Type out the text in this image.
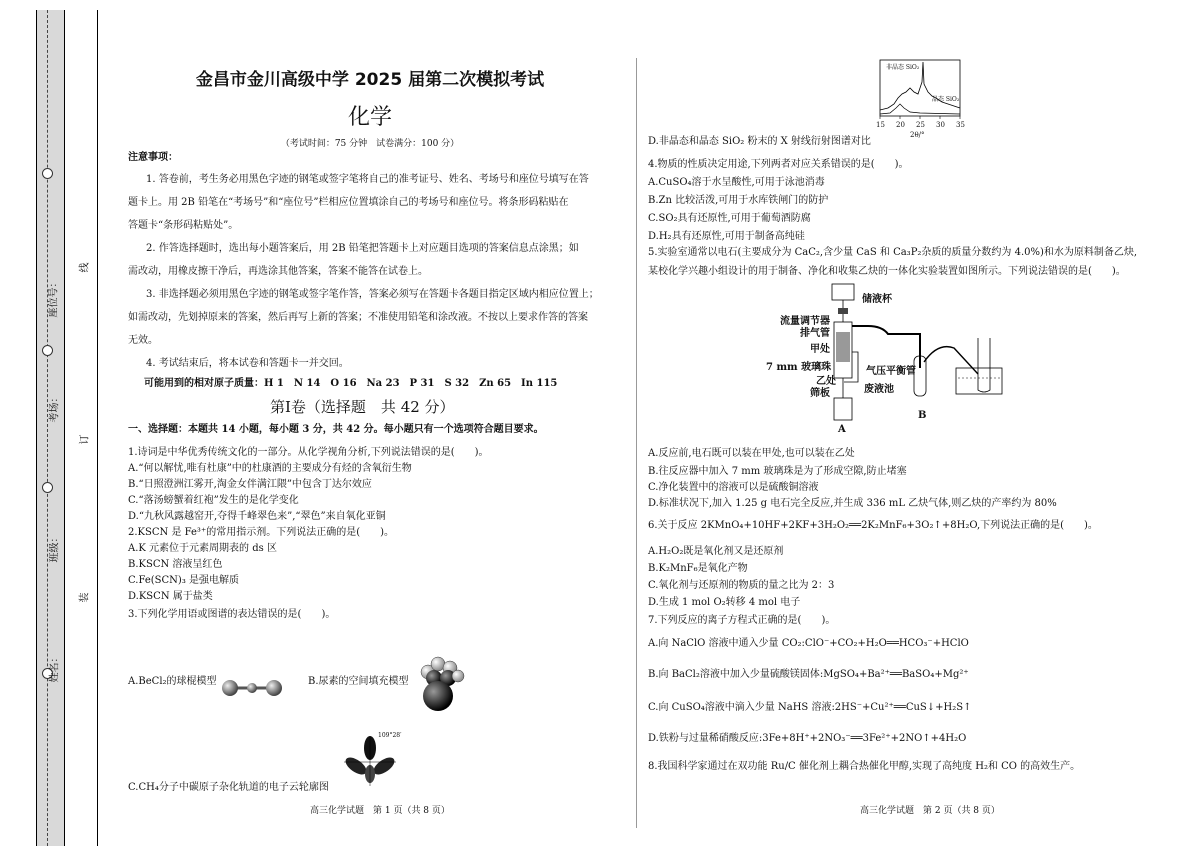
座位号：
考场：
班级：
姓名：
线
订
装
金昌市金川高级中学 2025 届第二次模拟考试
化学
（考试时间：75 分钟　试卷满分：100 分）
注意事项：
1. 答卷前，考生务必用黑色字迹的钢笔或签字笔将自己的准考证号、姓名、考场号和座位号填写在答
题卡上。用 2B 铅笔在“考场号”和“座位号”栏相应位置填涂自己的考场号和座位号。将条形码粘贴在
答题卡“条形码粘贴处”。
2. 作答选择题时，选出每小题答案后，用 2B 铅笔把答题卡上对应题目选项的答案信息点涂黑；如
需改动，用橡皮擦干净后，再选涂其他答案，答案不能答在试卷上。
3. 非选择题必须用黑色字迹的钢笔或签字笔作答，答案必须写在答题卡各题目指定区域内相应位置上；
如需改动，先划掉原来的答案，然后再写上新的答案；不准使用铅笔和涂改液。不按以上要求作答的答案
无效。
4. 考试结束后，将本试卷和答题卡一并交回。
可能用到的相对原子质量：H 1　N 14　O 16　Na 23　P 31　S 32　Zn 65　In 115
第Ⅰ卷（选择题　共 42 分）
一、选择题：本题共 14 小题，每小题 3 分，共 42 分。每小题只有一个选项符合题目要求。
1.诗词是中华优秀传统文化的一部分。从化学视角分析,下列说法错误的是(　　)。
A.“何以解忧,唯有杜康”中的杜康酒的主要成分有烃的含氧衍生物
B.“日照澄洲江雾开,淘金女伴满江隈”中包含丁达尔效应
C.“落汤螃蟹着红袍”发生的是化学变化
D.“九秋风露越窑开,夺得千峰翠色来”,“翠色”来自氧化亚铜
2.KSCN 是 Fe³⁺的常用指示剂。下列说法正确的是(　　)。
A.K 元素位于元素周期表的 ds 区
B.KSCN 溶液呈红色
C.Fe(SCN)₃ 是强电解质
D.KSCN 属于盐类
3.下列化学用语或图谱的表达错误的是(　　)。
A.BeCl₂的球棍模型	B.尿素的空间填充模型
109°28′
C.CH₄分子中碳原子杂化轨道的电子云轮廓图
高三化学试题　第 1 页（共 8 页）
非晶态 SiO₂
晶态 SiO₂
15 20 25 30 35
2θ/°
D.非晶态和晶态 SiO₂ 粉末的 X 射线衍射图谱对比
4.物质的性质决定用途,下列两者对应关系错误的是(　　)。
A.CuSO₄溶于水呈酸性,可用于泳池消毒
B.Zn 比较活泼,可用于水库铁闸门的防护
C.SO₂具有还原性,可用于葡萄酒防腐
D.H₂具有还原性,可用于制备高纯硅
5.实验室通常以电石(主要成分为 CaC₂,含少量 CaS 和 Ca₃P₂杂质的质量分数约为 4.0%)和水为原料制备乙炔,
某校化学兴趣小组设计的用于制备、净化和收集乙炔的一体化实验装置如图所示。下列说法错误的是(　　)。
储液杯
流量调节器
排气管
甲处
7 mm 玻璃珠	气压平衡管
乙处
废液池
筛板
A
B
A.反应前,电石既可以装在甲处,也可以装在乙处
B.往反应器中加入 7 mm 玻璃珠是为了形成空隙,防止堵塞
C.净化装置中的溶液可以是硫酸铜溶液
D.标准状况下,加入 1.25 g 电石完全反应,并生成 336 mL 乙炔气体,则乙炔的产率约为 80%
6.关于反应 2KMnO₄+10HF+2KF+3H₂O₂══2K₂MnF₆+3O₂↑+8H₂O,下列说法正确的是(　　)。
A.H₂O₂既是氧化剂又是还原剂
B.K₂MnF₆是氧化产物
C.氧化剂与还原剂的物质的量之比为 2：3
D.生成 1 mol O₂转移 4 mol 电子
7.下列反应的离子方程式正确的是(　　)。
A.向 NaClO 溶液中通入少量 CO₂:ClO⁻+CO₂+H₂O══HCO₃⁻+HClO
B.向 BaCl₂溶液中加入少量硫酸镁固体:MgSO₄+Ba²⁺══BaSO₄+Mg²⁺
C.向 CuSO₄溶液中滴入少量 NaHS 溶液:2HS⁻+Cu²⁺══CuS↓+H₂S↑
D.铁粉与过量稀硝酸反应:3Fe+8H⁺+2NO₃⁻══3Fe²⁺+2NO↑+4H₂O
8.我国科学家通过在双功能 Ru/C 催化剂上耦合热催化甲醇,实现了高纯度 H₂和 CO 的高效生产。
高三化学试题　第 2 页（共 8 页）
